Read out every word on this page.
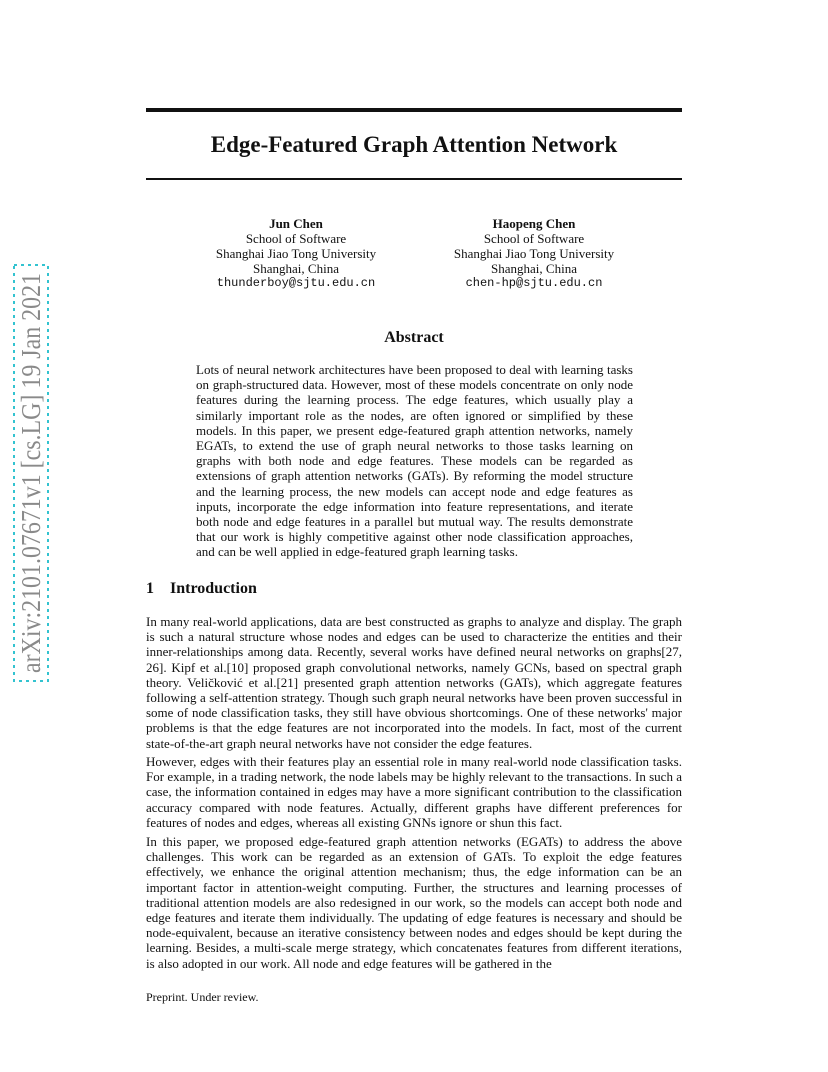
arXiv:2101.07671v1 [cs.LG] 19 Jan 2021
Edge-Featured Graph Attention Network
Jun Chen
School of Software
Shanghai Jiao Tong University
Shanghai, China
thunderboy@sjtu.edu.cn
Haopeng Chen
School of Software
Shanghai Jiao Tong University
Shanghai, China
chen-hp@sjtu.edu.cn
Abstract

Lots of neural network architectures have been proposed to deal with learning tasks on graph-structured data. However, most of these models concentrate on only node features during the learning process. The edge features, which usually play a similarly important role as the nodes, are often ignored or simplified by these models. In this paper, we present edge-featured graph attention networks, namely EGATs, to extend the use of graph neural networks to those tasks learning on graphs with both node and edge features. These models can be regarded as extensions of graph attention networks (GATs). By reforming the model structure and the learning process, the new models can accept node and edge features as inputs, incorporate the edge information into feature representations, and iterate both node and edge features in a parallel but mutual way. The results demonstrate that our work is highly competitive against other node classification approaches, and can be well applied in edge-featured graph learning tasks.

1 Introduction

In many real-world applications, data are best constructed as graphs to analyze and display. The graph is such a natural structure whose nodes and edges can be used to characterize the entities and their inner-relationships among data. Recently, several works have defined neural networks on graphs[27, 26]. Kipf et al.[10] proposed graph convolutional networks, namely GCNs, based on spectral graph theory. Veličković et al.[21] presented graph attention networks (GATs), which aggregate features following a self-attention strategy. Though such graph neural networks have been proven successful in some of node classification tasks, they still have obvious shortcomings. One of these networks' major problems is that the edge features are not incorporated into the models. In fact, most of the current state-of-the-art graph neural networks have not consider the edge features.

However, edges with their features play an essential role in many real-world node classification tasks. For example, in a trading network, the node labels may be highly relevant to the transactions. In such a case, the information contained in edges may have a more significant contribution to the classification accuracy compared with node features. Actually, different graphs have different preferences for features of nodes and edges, whereas all existing GNNs ignore or shun this fact.

In this paper, we proposed edge-featured graph attention networks (EGATs) to address the above challenges. This work can be regarded as an extension of GATs. To exploit the edge features effectively, we enhance the original attention mechanism; thus, the edge information can be an important factor in attention-weight computing. Further, the structures and learning processes of traditional attention models are also redesigned in our work, so the models can accept both node and edge features and iterate them individually. The updating of edge features is necessary and should be node-equivalent, because an iterative consistency between nodes and edges should be kept during the learning. Besides, a multi-scale merge strategy, which concatenates features from different iterations, is also adopted in our work. All node and edge features will be gathered in the

Preprint. Under review.
